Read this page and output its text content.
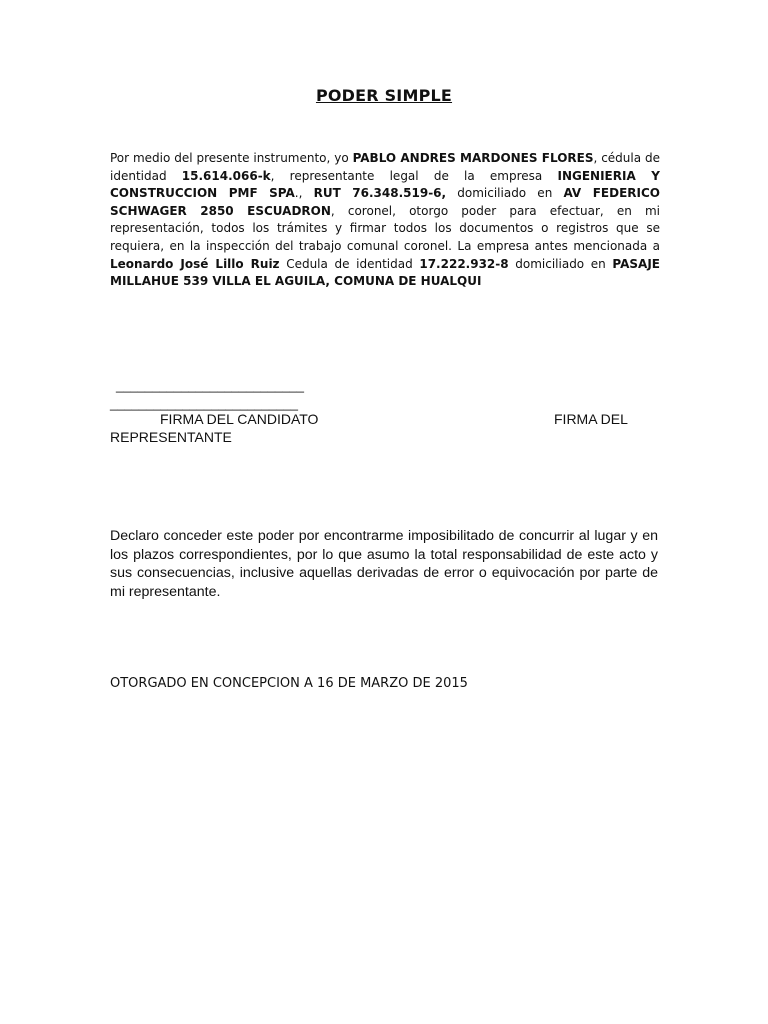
PODER SIMPLE
Por medio del presente instrumento, yo PABLO ANDRES MARDONES FLORES, cédula de identidad 15.614.066-k, representante legal de la empresa INGENIERIA Y CONSTRUCCION PMF SPA., RUT 76.348.519-6, domiciliado en AV FEDERICO SCHWAGER 2850 ESCUADRON, coronel, otorgo poder para efectuar, en mi representación, todos los trámites y firmar todos los documentos o registros que se requiera, en la inspección del trabajo comunal coronel. La empresa antes mencionada a Leonardo José Lillo Ruiz Cedula de identidad 17.222.932-8 domiciliado en PASAJE MILLAHUE 539 VILLA EL AGUILA, COMUNA DE HUALQUI
__________________________
__________________________
FIRMA DEL CANDIDATO	FIRMA DEL
REPRESENTANTE
Declaro conceder este poder por encontrarme imposibilitado de concurrir al lugar y en los plazos correspondientes, por lo que asumo la total responsabilidad de este acto y sus consecuencias, inclusive aquellas derivadas de error o equivocación por parte de mi representante.
OTORGADO EN CONCEPCION A 16 DE MARZO DE 2015
